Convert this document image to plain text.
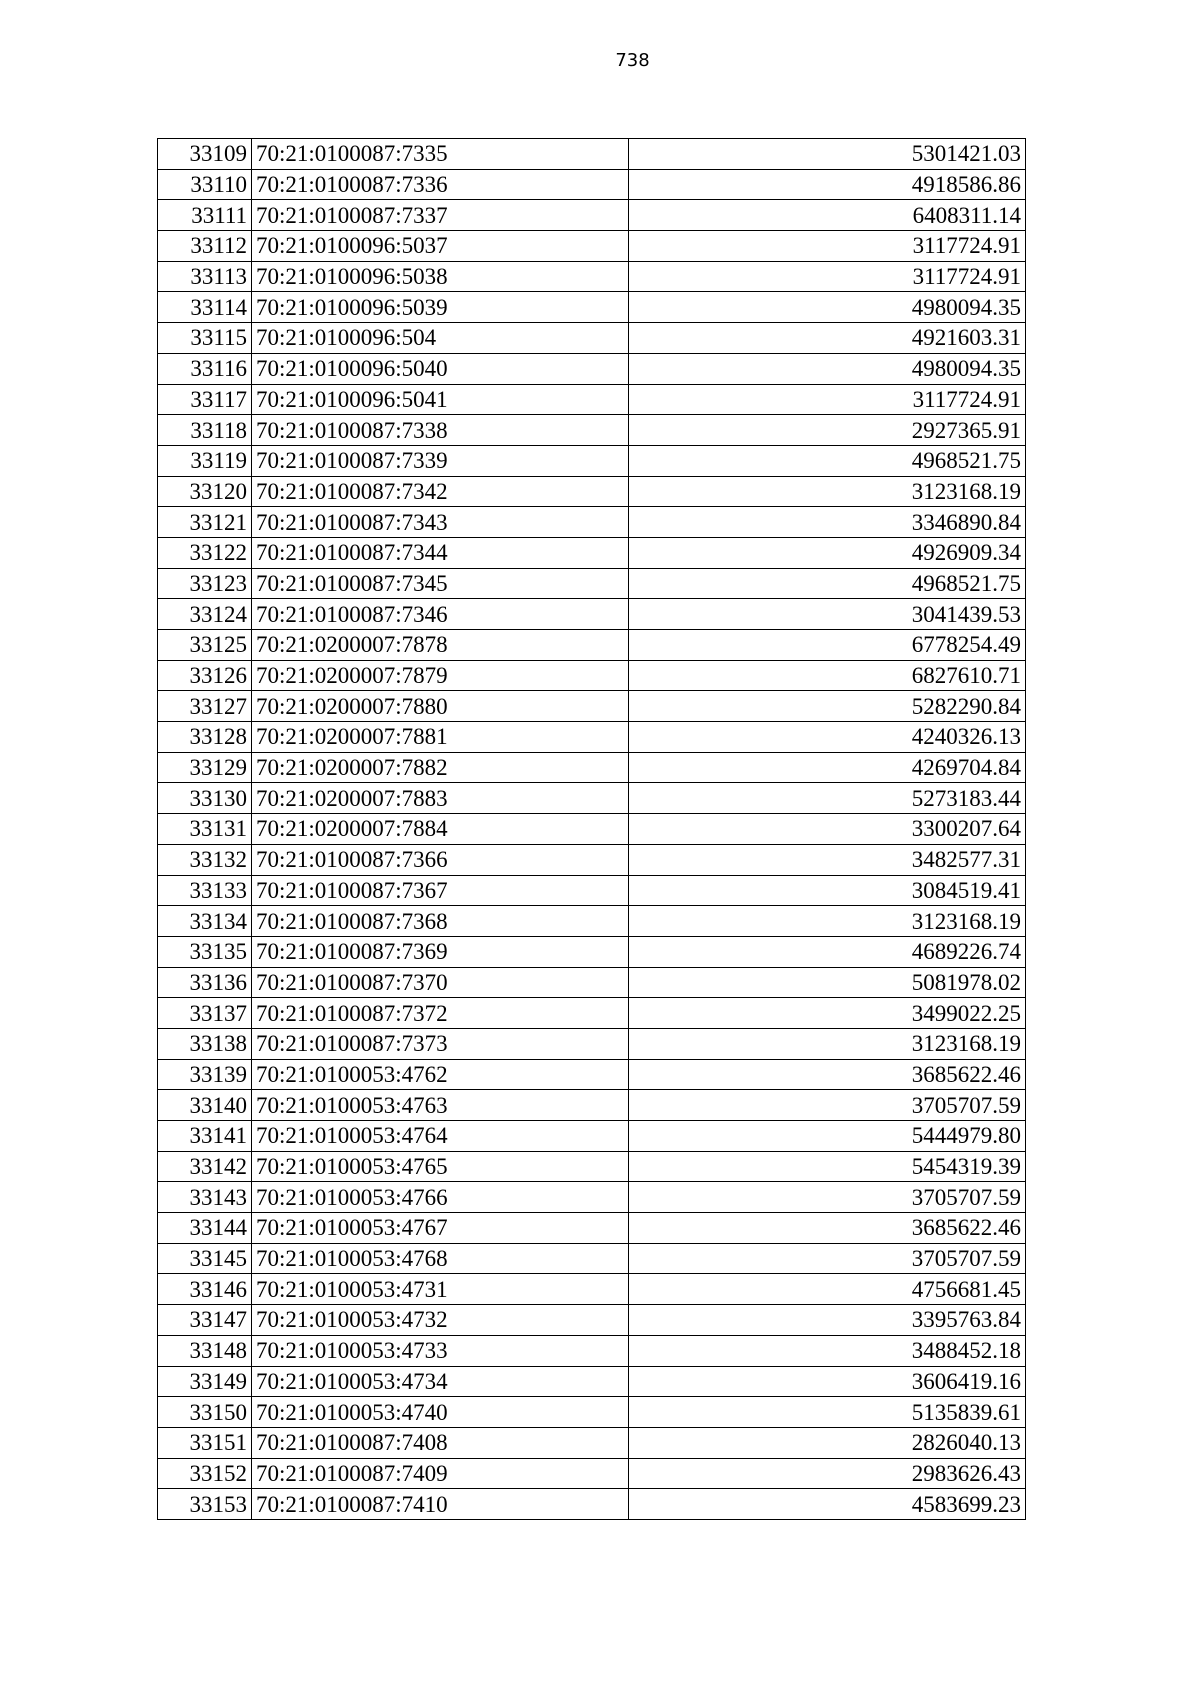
738
33109	70:21:0100087:7335	5301421.03
33110	70:21:0100087:7336	4918586.86
33111	70:21:0100087:7337	6408311.14
33112	70:21:0100096:5037	3117724.91
33113	70:21:0100096:5038	3117724.91
33114	70:21:0100096:5039	4980094.35
33115	70:21:0100096:504	4921603.31
33116	70:21:0100096:5040	4980094.35
33117	70:21:0100096:5041	3117724.91
33118	70:21:0100087:7338	2927365.91
33119	70:21:0100087:7339	4968521.75
33120	70:21:0100087:7342	3123168.19
33121	70:21:0100087:7343	3346890.84
33122	70:21:0100087:7344	4926909.34
33123	70:21:0100087:7345	4968521.75
33124	70:21:0100087:7346	3041439.53
33125	70:21:0200007:7878	6778254.49
33126	70:21:0200007:7879	6827610.71
33127	70:21:0200007:7880	5282290.84
33128	70:21:0200007:7881	4240326.13
33129	70:21:0200007:7882	4269704.84
33130	70:21:0200007:7883	5273183.44
33131	70:21:0200007:7884	3300207.64
33132	70:21:0100087:7366	3482577.31
33133	70:21:0100087:7367	3084519.41
33134	70:21:0100087:7368	3123168.19
33135	70:21:0100087:7369	4689226.74
33136	70:21:0100087:7370	5081978.02
33137	70:21:0100087:7372	3499022.25
33138	70:21:0100087:7373	3123168.19
33139	70:21:0100053:4762	3685622.46
33140	70:21:0100053:4763	3705707.59
33141	70:21:0100053:4764	5444979.80
33142	70:21:0100053:4765	5454319.39
33143	70:21:0100053:4766	3705707.59
33144	70:21:0100053:4767	3685622.46
33145	70:21:0100053:4768	3705707.59
33146	70:21:0100053:4731	4756681.45
33147	70:21:0100053:4732	3395763.84
33148	70:21:0100053:4733	3488452.18
33149	70:21:0100053:4734	3606419.16
33150	70:21:0100053:4740	5135839.61
33151	70:21:0100087:7408	2826040.13
33152	70:21:0100087:7409	2983626.43
33153	70:21:0100087:7410	4583699.23
